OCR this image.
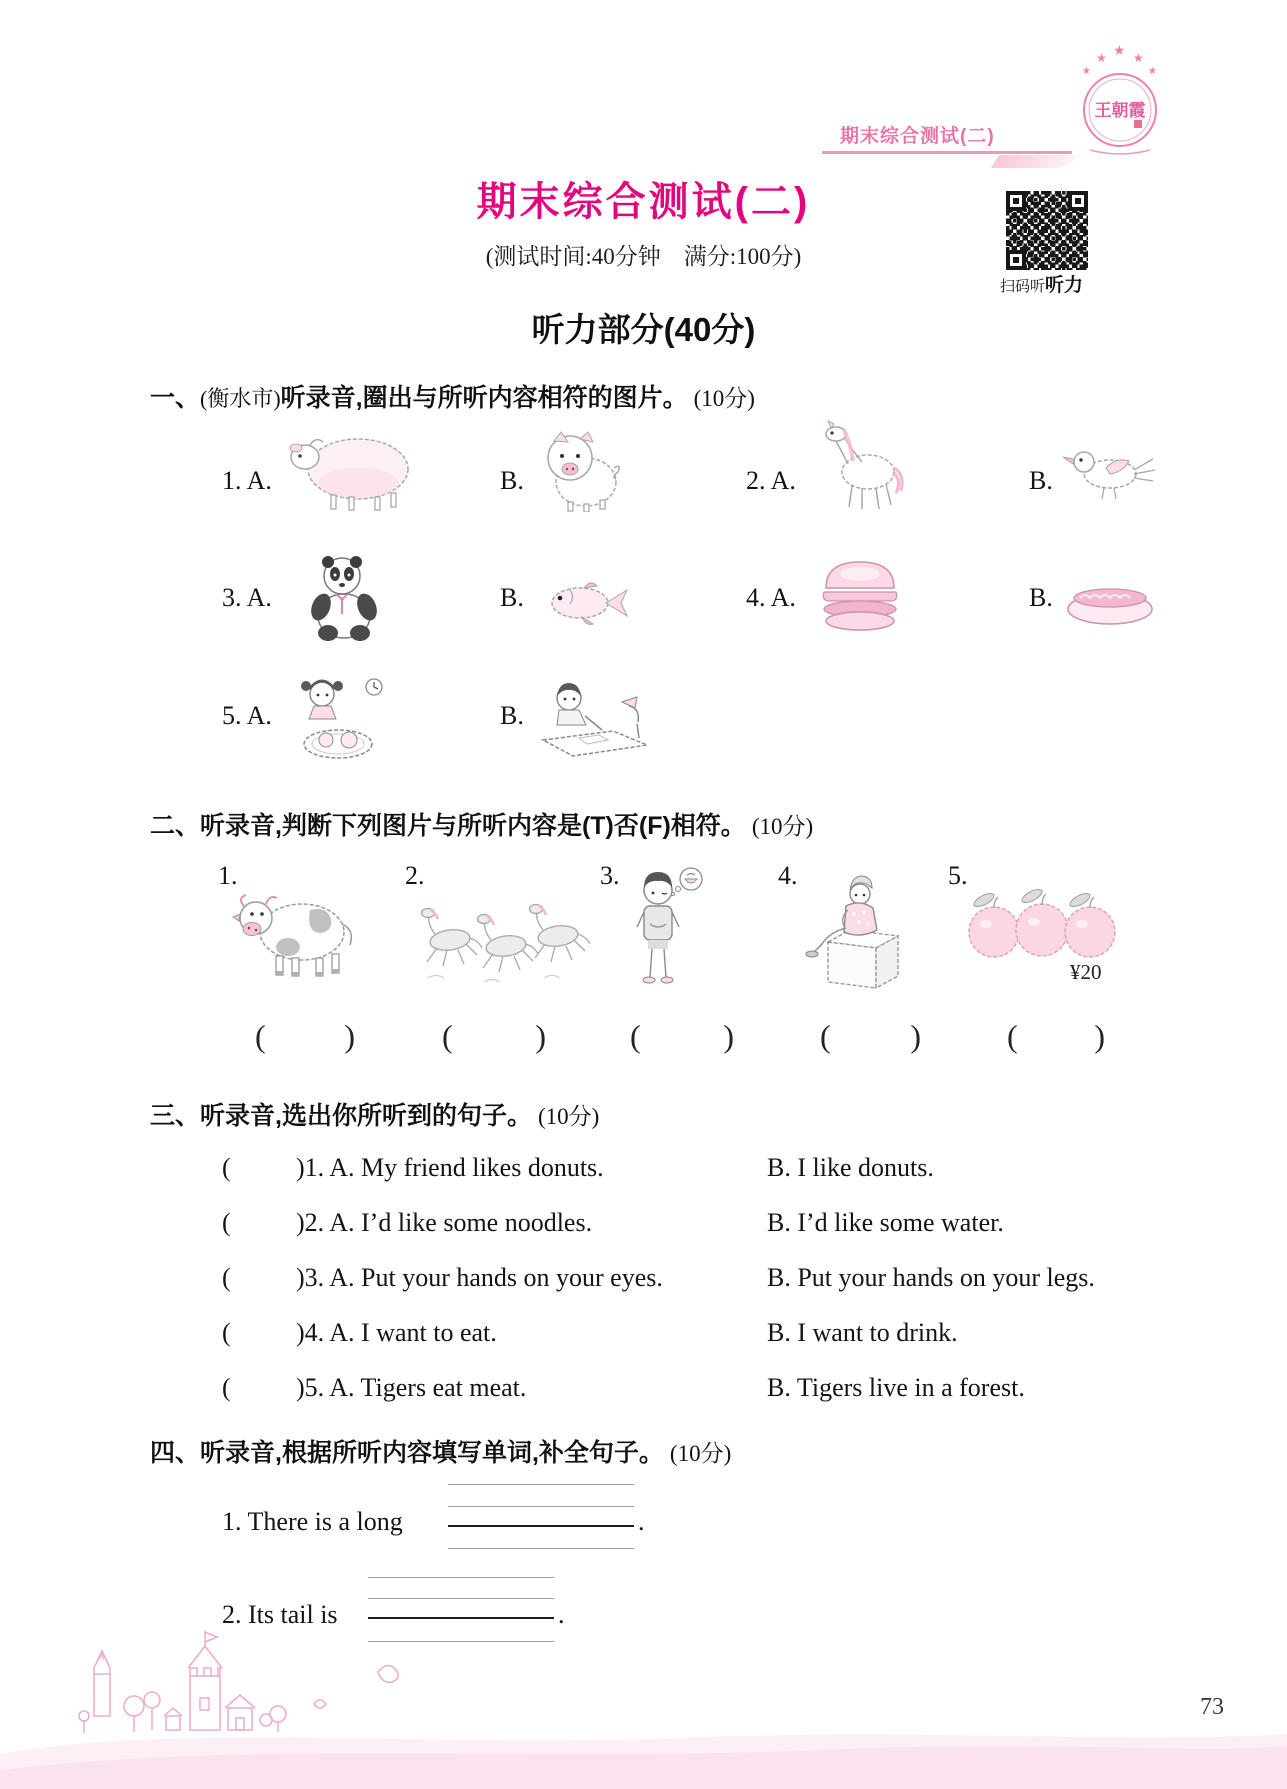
期末综合测试(二)
★
★ ★ ★
★
王朝霞
期末综合测试(二)
(测试时间:40分钟　满分:100分)
扫码听听力
听力部分(40分)
一、(衡水市)听录音,圈出与所听内容相符的图片。 (10分)
1. A.	B.	2. A.	B.
3. A.	B.	4. A.	B.
5. A.	B.
二、听录音,判断下列图片与所听内容是(T)否(F)相符。 (10分)
1.	2.	3.	4.	5.
¥20
( )	(	)	(	)	( )	( )
三、听录音,选出你所听到的句子。 (10分)
(	)1. A. My friend likes donuts.	B. I like donuts.
(	)2. A. I’d like some noodles.	B. I’d like some water.
(	)3. A. Put your hands on your eyes.	B. Put your hands on your legs.
(	)4. A. I want to eat.	B. I want to drink.
(	)5. A. Tigers eat meat.	B. Tigers live in a forest.
四、听录音,根据所听内容填写单词,补全句子。 (10分)
1. There is a long	.
2. Its tail is	.
73
